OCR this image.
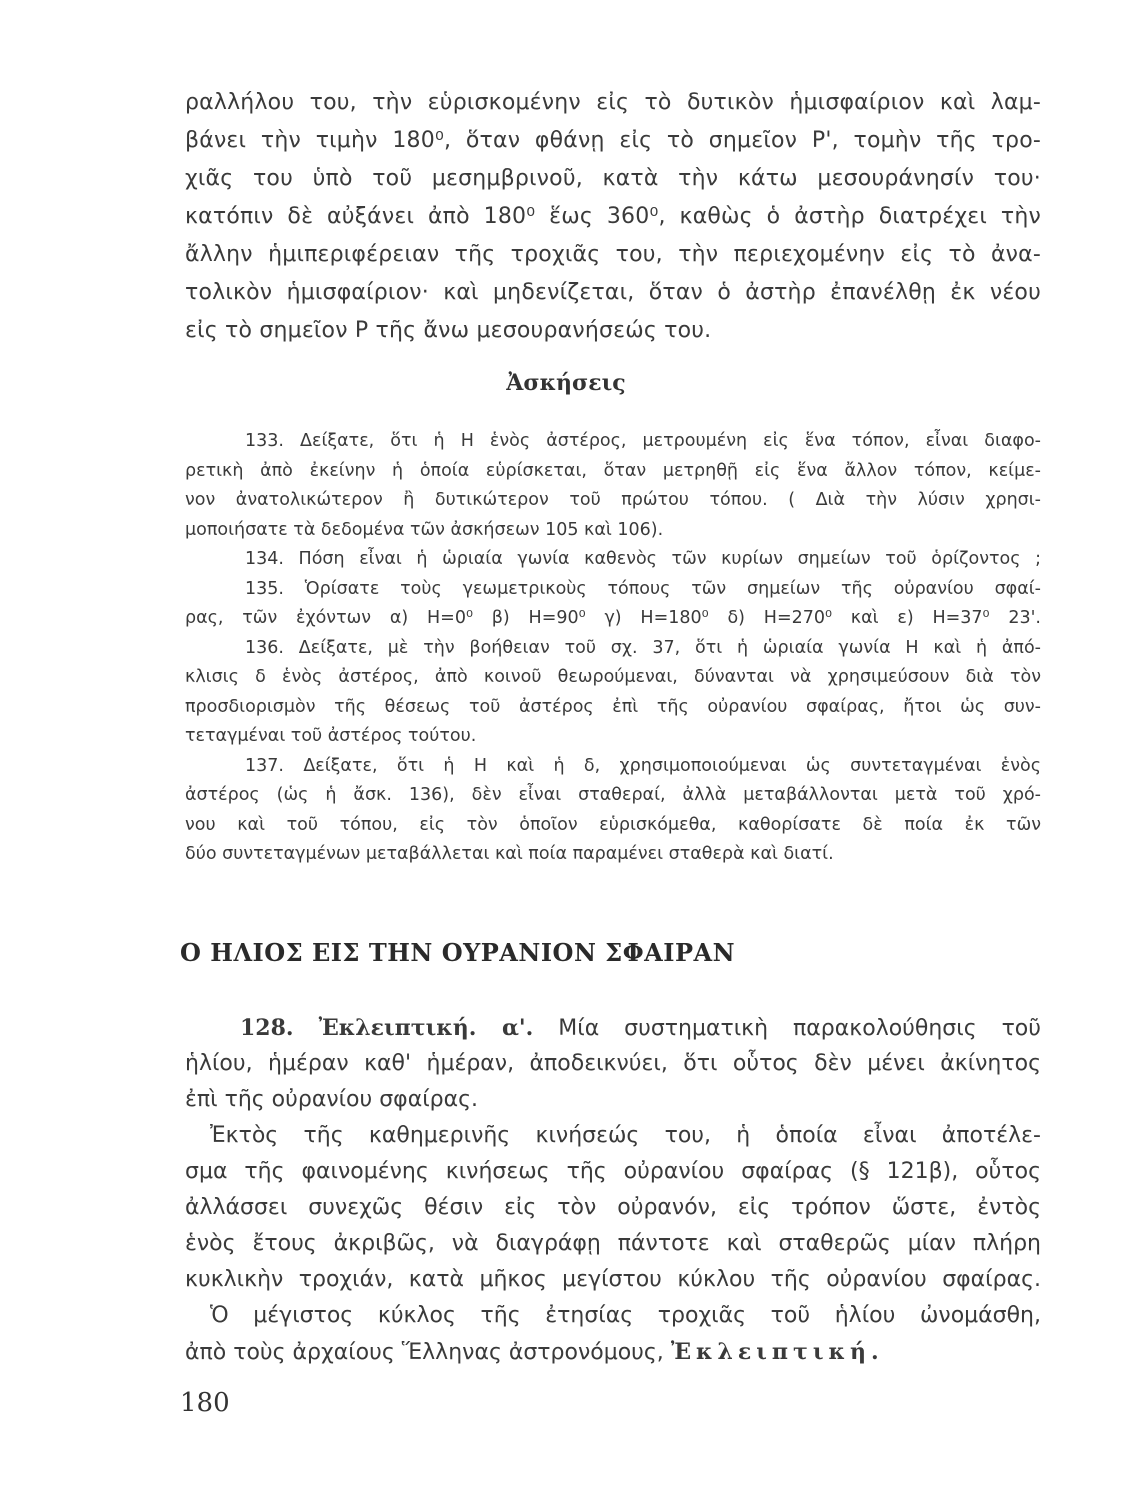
ραλλήλου του, τὴν εὑρισκομένην εἰς τὸ δυτικὸν ἡμισφαίριον καὶ λαμ-
βάνει τὴν τιμὴν 180⁰, ὅταν φθάνῃ εἰς τὸ σημεῖον Ρ', τομὴν τῆς τρο-
χιᾶς του ὑπὸ τοῦ μεσημβρινοῦ, κατὰ τὴν κάτω μεσουράνησίν του·
κατόπιν δὲ αὐξάνει ἀπὸ 180⁰ ἕως 360⁰, καθὼς ὁ ἀστὴρ διατρέχει τὴν
ἄλλην ἡμιπεριφέρειαν τῆς τροχιᾶς του, τὴν περιεχομένην εἰς τὸ ἀνα-
τολικὸν ἡμισφαίριον· καὶ μηδενίζεται, ὅταν ὁ ἀστὴρ ἐπανέλθῃ ἐκ νέου
εἰς τὸ σημεῖον Ρ τῆς ἄνω μεσουρανήσεώς του.
Ἀσκήσεις
133. Δείξατε, ὅτι ἡ Η ἑνὸς ἀστέρος, μετρουμένη εἰς ἕνα τόπον, εἶναι διαφο-
ρετικὴ ἀπὸ ἐκείνην ἡ ὁποία εὑρίσκεται, ὅταν μετρηθῇ εἰς ἕνα ἄλλον τόπον, κείμε-
νον ἀνατολικώτερον ἢ δυτικώτερον τοῦ πρώτου τόπου. ( Διὰ τὴν λύσιν χρησι-
μοποιήσατε τὰ δεδομένα τῶν ἀσκήσεων 105 καὶ 106).
134. Πόση εἶναι ἡ ὡριαία γωνία καθενὸς τῶν κυρίων σημείων τοῦ ὁρίζοντος ;
135. Ὁρίσατε τοὺς γεωμετρικοὺς τόπους τῶν σημείων τῆς οὐρανίου σφαί-
ρας, τῶν ἐχόντων α) Η=0⁰ β) Η=90⁰ γ) Η=180⁰ δ) Η=270⁰ καὶ ε) Η=37⁰ 23'.
136. Δείξατε, μὲ τὴν βοήθειαν τοῦ σχ. 37, ὅτι ἡ ὡριαία γωνία Η καὶ ἡ ἀπό-
κλισις δ ἑνὸς ἀστέρος, ἀπὸ κοινοῦ θεωρούμεναι, δύνανται νὰ χρησιμεύσουν διὰ τὸν
προσδιορισμὸν τῆς θέσεως τοῦ ἀστέρος ἐπὶ τῆς οὐρανίου σφαίρας, ἤτοι ὡς συν-
τεταγμέναι τοῦ ἀστέρος τούτου.
137. Δείξατε, ὅτι ἡ Η καὶ ἡ δ, χρησιμοποιούμεναι ὡς συντεταγμέναι ἑνὸς
ἀστέρος (ὡς ἡ ἄσκ. 136), δὲν εἶναι σταθεραί, ἀλλὰ μεταβάλλονται μετὰ τοῦ χρό-
νου καὶ τοῦ τόπου, εἰς τὸν ὁποῖον εὑρισκόμεθα, καθορίσατε δὲ ποία ἐκ τῶν
δύο συντεταγμένων μεταβάλλεται καὶ ποία παραμένει σταθερὰ καὶ διατί.
Ο ΗΛΙΟΣ ΕΙΣ ΤΗΝ ΟΥΡΑΝΙΟΝ ΣΦΑΙΡΑΝ
128. Ἐκλειπτική. α'. Μία συστηματικὴ παρακολούθησις τοῦ
ἡλίου, ἡμέραν καθ' ἡμέραν, ἀποδεικνύει, ὅτι οὗτος δὲν μένει ἀκίνητος
ἐπὶ τῆς οὐρανίου σφαίρας.
Ἐκτὸς τῆς καθημερινῆς κινήσεώς του, ἡ ὁποία εἶναι ἀποτέλε-
σμα τῆς φαινομένης κινήσεως τῆς οὐρανίου σφαίρας (§ 121β), οὗτος
ἀλλάσσει συνεχῶς θέσιν εἰς τὸν οὐρανόν, εἰς τρόπον ὥστε, ἐντὸς
ἑνὸς ἔτους ἀκριβῶς, νὰ διαγράφῃ πάντοτε καὶ σταθερῶς μίαν πλήρη
κυκλικὴν τροχιάν, κατὰ μῆκος μεγίστου κύκλου τῆς οὐρανίου σφαίρας.
Ὁ μέγιστος κύκλος τῆς ἐτησίας τροχιᾶς τοῦ ἡλίου ὠνομάσθη,
ἀπὸ τοὺς ἀρχαίους Ἕλληνας ἀστρονόμους, Ἐκλειπτική.
180
